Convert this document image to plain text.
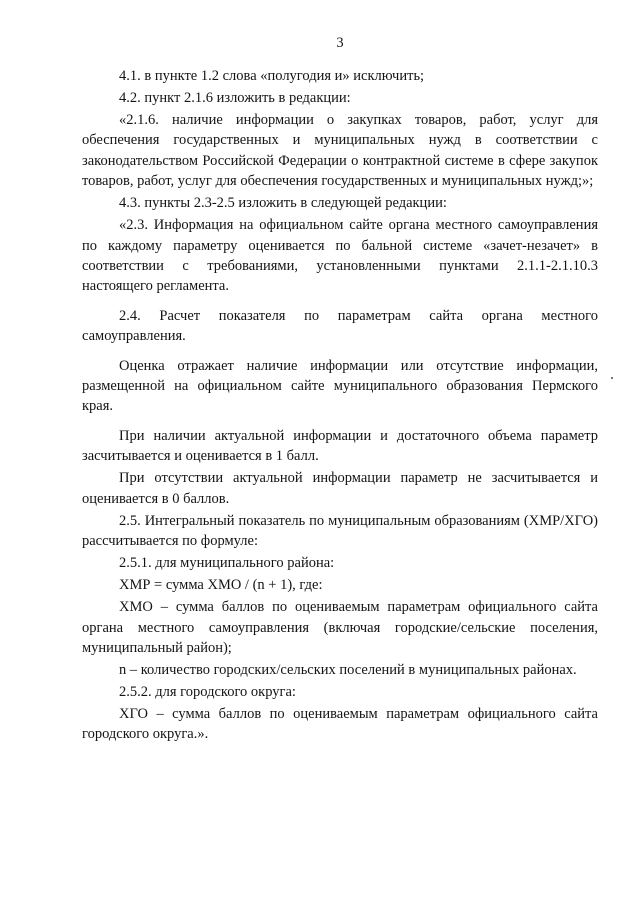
3

4.1. в пункте 1.2 слова «полугодия и» исключить;

4.2. пункт 2.1.6 изложить в редакции:

«2.1.6. наличие информации о закупках товаров, работ, услуг для обеспечения государственных и муниципальных нужд в соответствии с законодательством Российской Федерации о контрактной системе в сфере закупок товаров, работ, услуг для обеспечения государственных и муниципальных нужд;»;

4.3. пункты 2.3-2.5 изложить в следующей редакции:

«2.3. Информация на официальном сайте органа местного самоуправления по каждому параметру оценивается по бальной системе «зачет-незачет» в соответствии с требованиями, установленными пунктами 2.1.1-2.1.10.3 настоящего регламента.

2.4. Расчет показателя по параметрам сайта органа местного самоуправления.

Оценка отражает наличие информации или отсутствие информации, размещенной на официальном сайте муниципального образования Пермского края.

При наличии актуальной информации и достаточного объема параметр засчитывается и оценивается в 1 балл.

При отсутствии актуальной информации параметр не засчитывается и оценивается в 0 баллов.

2.5. Интегральный показатель по муниципальным образованиям (ХМР/ХГО) рассчитывается по формуле:

2.5.1. для муниципального района:

ХМР = сумма ХМО / (n + 1), где:

ХМО – сумма баллов по оцениваемым параметрам официального сайта органа местного самоуправления (включая городские/сельские поселения, муниципальный район);

n – количество городских/сельских поселений в муниципальных районах.

2.5.2. для городского округа:

ХГО – сумма баллов по оцениваемым параметрам официального сайта городского округа.».
